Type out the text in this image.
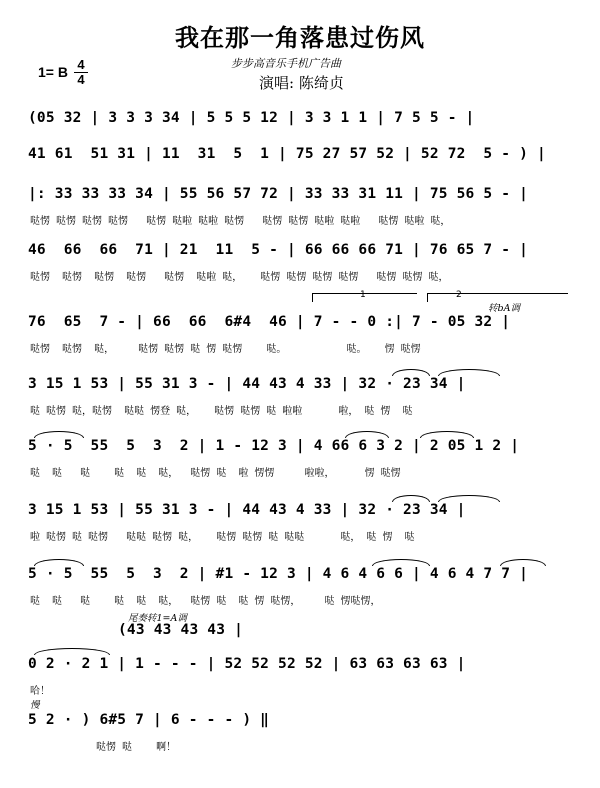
我在那一角落患过伤风
步步高音乐手机广告曲
演唱: 陈绮贞
1= B 4
4
(05 32 | 3 3 3 34 | 5 5 5 12 | 3 3 1 1 | 7 5 5 - |
41 61  51 31 | 11  31  5  1 | 75 27 57 52 | 52 72  5 - ) |
|: 33 33 33 34 | 55 56 57 72 | 33 33 31 11 | 75 56 5 - |
哒愣 哒愣 哒愣 哒愣   哒愣 哒啦 哒啦 哒愣   哒愣 哒愣 哒啦 哒啦   哒愣 哒啦 哒，
46  66  66  71 | 21  11  5 - | 66 66 66 71 | 76 65 7 - |
哒愣  哒愣  哒愣  哒愣   哒愣  哒啦 哒，   哒愣 哒愣 哒愣 哒愣   哒愣 哒愣 哒，
1	2
转bA调
76  65  7 - | 66  66  6#4  46 | 7 - - 0 :| 7 - 05 32 |
哒愣  哒愣  哒，    哒愣 哒愣 哒 愣 哒愣    哒。          哒。   愣 哒愣
3 15 1 53 | 55 31 3 - | 44 43 4 33 | 32 · 23 34 |
哒 哒愣 哒，哒愣  哒哒 愣登 哒，   哒愣 哒愣 哒 啦啦      啦， 哒 愣  哒
5 · 5  55  5  3  2 | 1 - 12 3 | 4 66 6 3 2 | 2 05 1 2 |
哒  哒   哒    哒  哒  哒，  哒愣 哒  啦 愣愣     啦啦，     愣 哒愣
3 15 1 53 | 55 31 3 - | 44 43 4 33 | 32 · 23 34 |
啦 哒愣 哒 哒愣   哒哒 哒愣 哒，   哒愣 哒愣 哒 哒哒      哒， 哒 愣  哒
5 · 5  55  5  3  2 | #1 - 12 3 | 4 6 4 6 6 | 4 6 4 7 7 |
哒  哒   哒    哒  哒  哒，  哒愣 哒  哒 愣 哒愣，    哒 愣哒愣，
尾奏转1=A调
(43 43 43 43 |
0 2 · 2 1 | 1 - - - | 52 52 52 52 | 63 63 63 63 |
哈！
慢
5 2 · ) 6#5 7 | 6 - - - ) ‖
哒愣 哒    啊！
